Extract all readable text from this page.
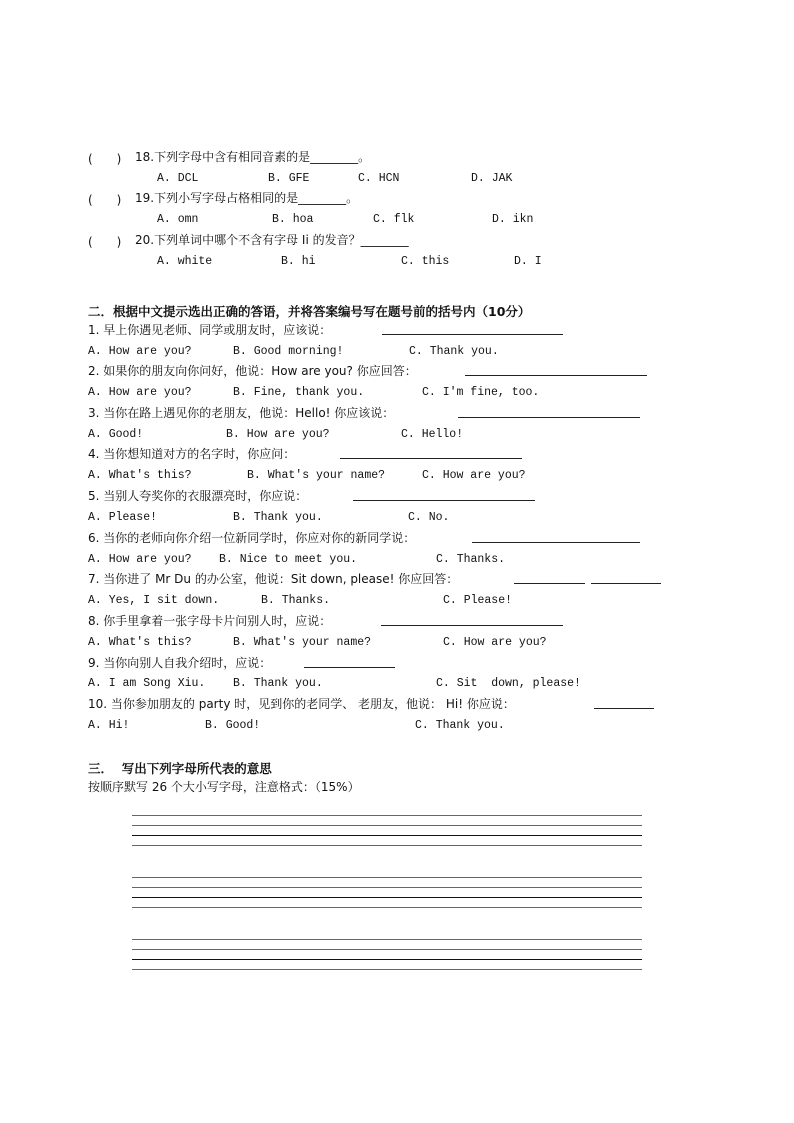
(　　) 18.下列字母中含有相同音素的是________。
A. DCL	B. GFE	C. HCN	D. JAK
(　　) 19.下列小写字母占格相同的是________。
A. omn	B. hoa	C. flk	D. ikn
(　　) 20.下列单词中哪个不含有字母 Ii 的发音？________
A. white	B. hi	C. this	D. I
二．根据中文提示选出正确的答语，并将答案编号写在题号前的括号内（10分）
1. 早上你遇见老师、同学或朋友时，应该说：
A. How are you?	B. Good morning!	C. Thank you.
2. 如果你的朋友向你问好，他说：How are you? 你应回答：
A. How are you?	B. Fine, thank you.	C. I'm fine, too.
3. 当你在路上遇见你的老朋友，他说：Hello! 你应该说：
A. Good!	B. How are you?	C. Hello!
4. 当你想知道对方的名字时，你应问：
A. What's this?	B. What's your name?	C. How are you?
5. 当别人夸奖你的衣服漂亮时，你应说：
A. Please!	B. Thank you.	C. No.
6. 当你的老师向你介绍一位新同学时，你应对你的新同学说：
A. How are you? B. Nice to meet you.	C. Thanks.
7. 当你进了 Mr Du 的办公室，他说：Sit down, please! 你应回答：
A. Yes, I sit down.	B. Thanks.	C. Please!
8. 你手里拿着一张字母卡片问别人时，应说：
A. What's this?	B. What's your name?	C. How are you?
9. 当你向别人自我介绍时，应说：
A. I am Song Xiu. B. Thank you.	C. Sit  down, please!
10. 当你参加朋友的 party 时，见到你的老同学、 老朋友，他说： Hi! 你应说：
A. Hi!	B. Good!	C. Thank you.
三．  写出下列字母所代表的意思
按顺序默写 26 个大小写字母，注意格式：（15%）
